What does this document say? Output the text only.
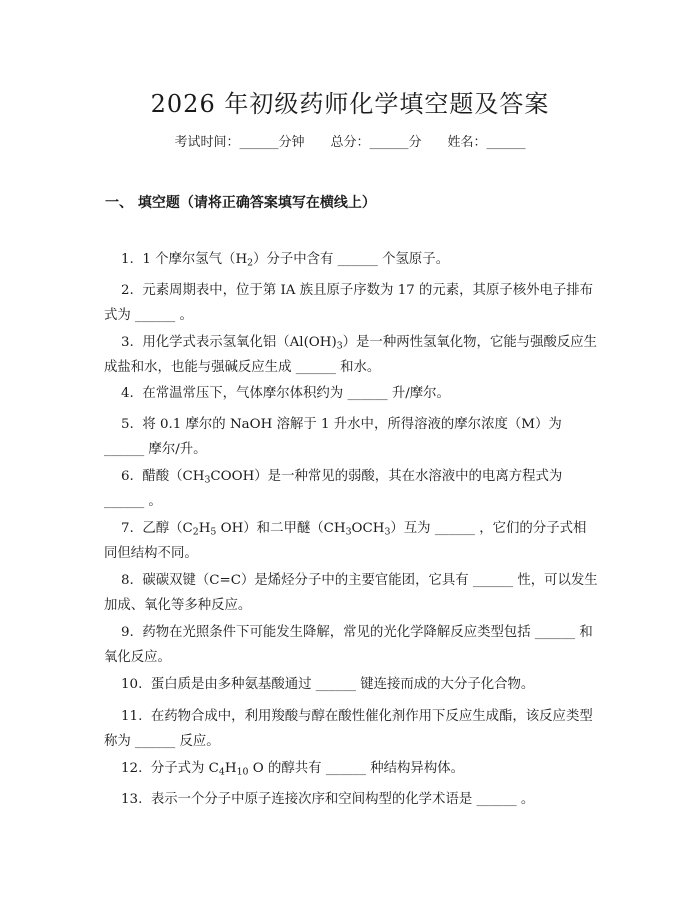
2026 年初级药师化学填空题及答案
考试时间：______分钟 总分：______分 姓名：______
一、 填空题（请将正确答案填写在横线上）

1. 1 个摩尔氢气$(H_2)$分子中含有 ______ 个氢原子。

2. 元素周期表中，位于第 IA 族且原子序数为 17 的元素，其原子核外电子排布式为 ______ 。

3. 用化学式表示氢氧化铝$(Al(OH)_3)$是一种两性氢氧化物，它能与强酸反应生成盐和水，也能与强碱反应生成 ______ 和水。

4. 在常温常压下，气体摩尔体积约为 ______ 升/摩尔。

5. 将 0.1 摩尔的 NaOH 溶解于 1 升水中，所得溶液的摩尔浓度（M）为 ______ 摩尔/升。

6. 醋酸$(CH_3COOH)$是一种常见的弱酸，其在水溶液中的电离方程式为 ______ 。

7. 乙醇（$C_2H_5$ OH）和二甲醚$(CH_3OCH_3)$互为 ______ ，它们的分子式相同但结构不同。

8. 碳碳双键（C=C）是烯烃分子中的主要官能团，它具有 ______ 性，可以发生加成、氧化等多种反应。

9. 药物在光照条件下可能发生降解，常见的光化学降解反应类型包括 ______ 和氧化反应。

10. 蛋白质是由多种氨基酸通过 ______ 键连接而成的大分子化合物。

11. 在药物合成中，利用羧酸与醇在酸性催化剂作用下反应生成酯，该反应类型称为 ______ 反应。

12. 分子式为 $C_4H_{10}$ O 的醇共有 ______ 种结构异构体。

13. 表示一个分子中原子连接次序和空间构型的化学术语是 ______ 。
